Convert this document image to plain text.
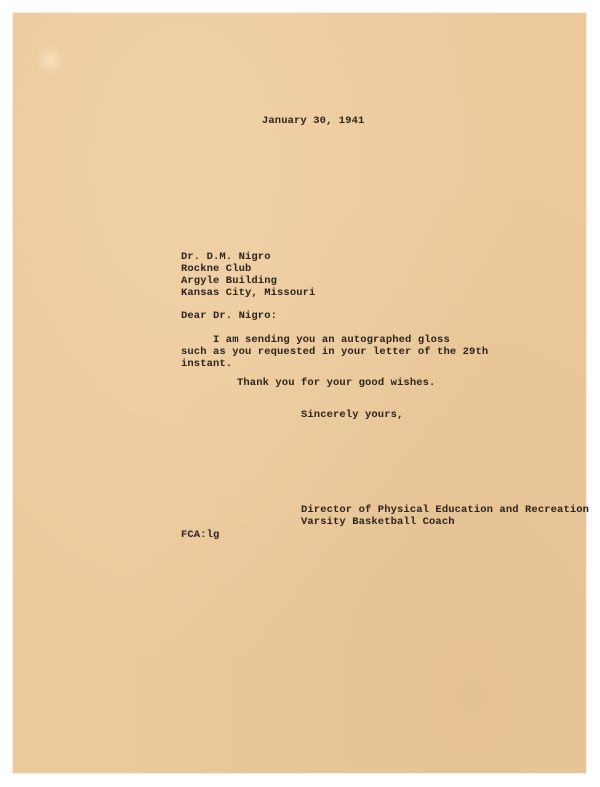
January 30, 1941

Dr. D.M. Nigro

Rockne Club

Argyle Building

Kansas City, Missouri

Dear Dr. Nigro:

I am sending you an autographed gloss

such as you requested in your letter of the 29th

instant.

Thank you for your good wishes.

Sincerely yours,

Director of Physical Education and Recreation

Varsity Basketball Coach

FCA:lg
